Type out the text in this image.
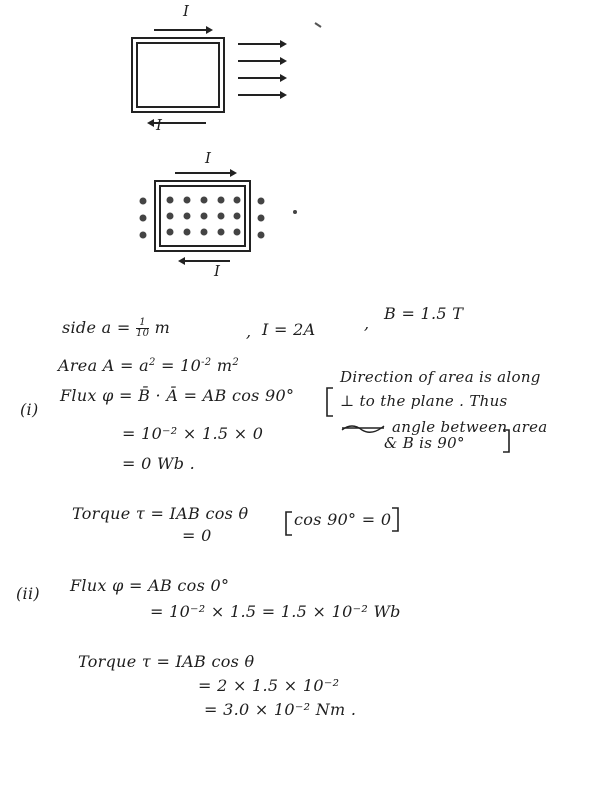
I
I
I
I
side $a = \frac{1}{10}$ m	, I = 2A	,
B = 1.5 T
Area $A = a^2 = 10^{-2}$ $m^2$
(i)
Flux φ = B̄ · Ā = AB cos 90°
= 10⁻² × 1.5 × 0
= 0 Wb .
Direction of area is along
⊥ to the plane . Thus
angle between area
& B is 90°
Torque τ = IAB cos θ
= 0
cos 90° = 0
(ii) Flux φ = AB cos 0°
= 10⁻² × 1.5 = 1.5 × 10⁻² Wb
Torque τ = IAB cos θ
= 2 × 1.5 × 10⁻²
= 3.0 × 10⁻² Nm .
